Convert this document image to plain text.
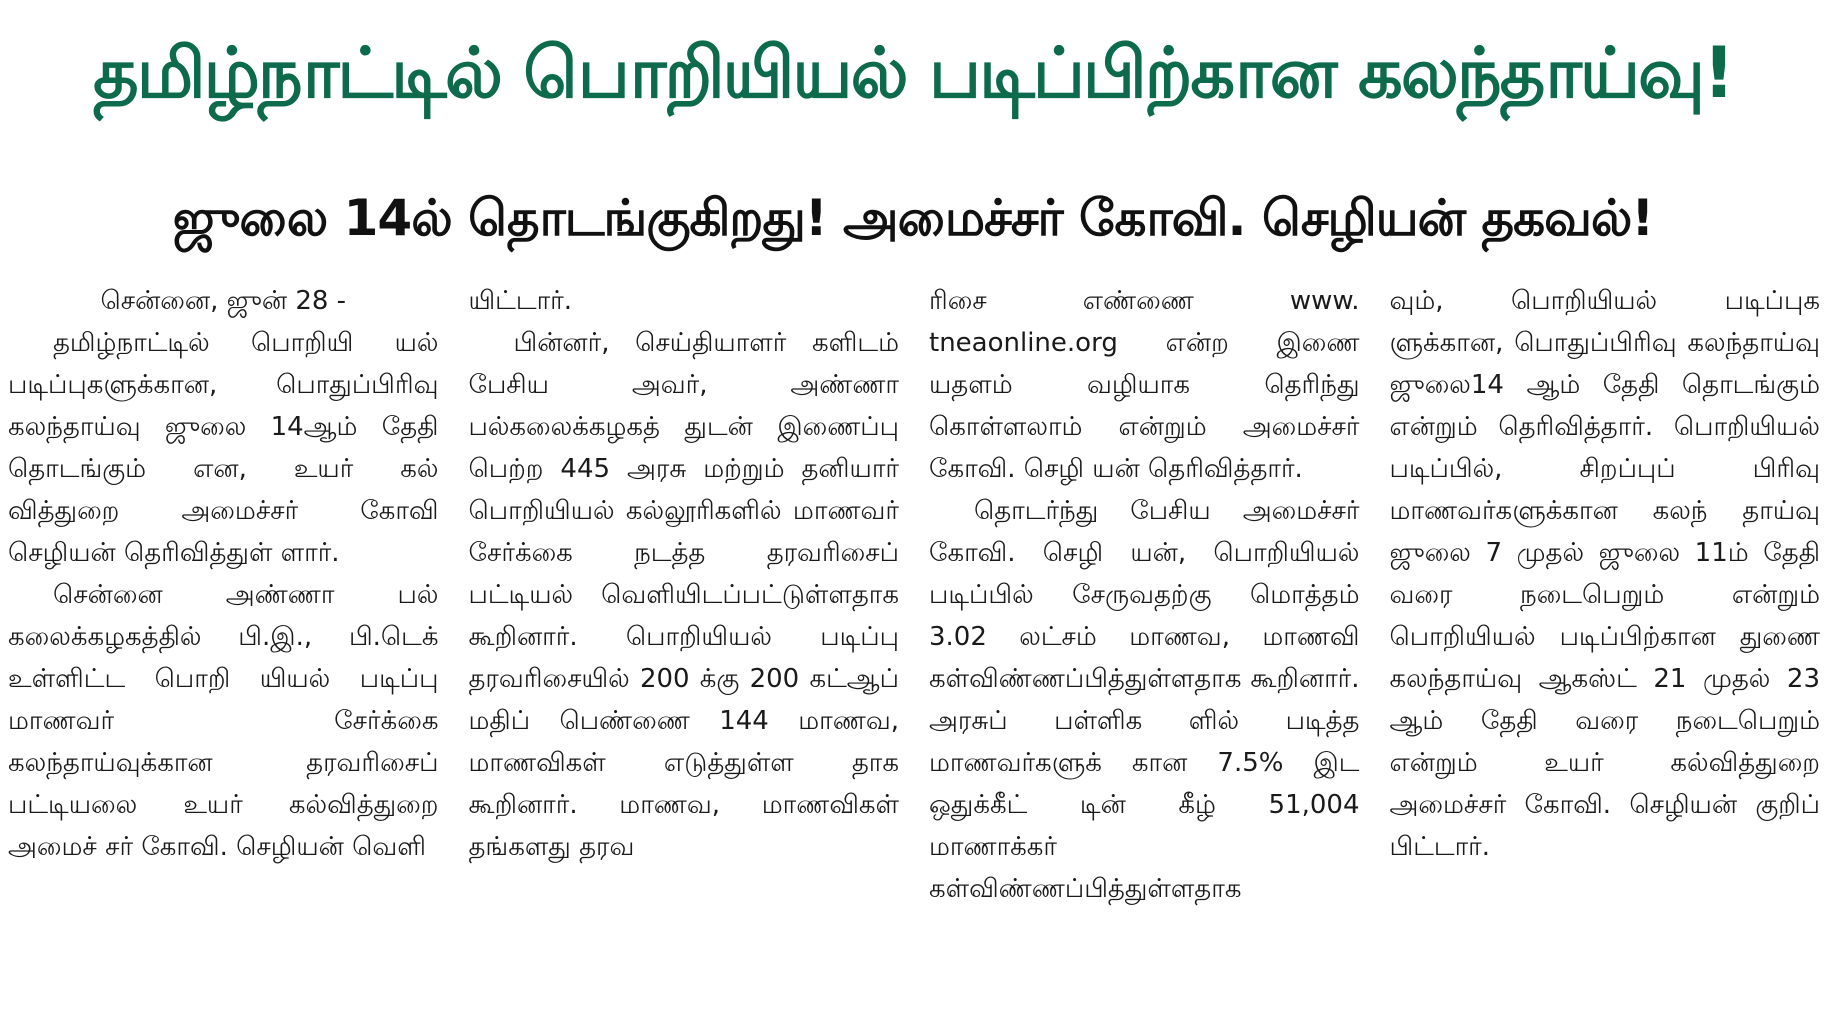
தமிழ்நாட்டில் பொறியியல் படிப்பிற்கான கலந்தாய்வு!
ஜுலை 14ல் தொடங்குகிறது! அமைச்சர் கோவி. செழியன் தகவல்!
சென்னை, ஜுன் 28 -

தமிழ்நாட்டில் பொறியி யல் படிப்புகளுக்கான, பொதுப்பிரிவு கலந்தாய்வு ஜுலை 14ஆம் தேதி தொடங்கும் என, உயர் கல் வித்துறை அமைச்சர் கோவி செழியன் தெரிவித்துள் ளார்.

சென்னை அண்ணா பல் கலைக்கழகத்தில் பி.இ., பி.டெக் உள்ளிட்ட பொறி யியல் படிப்பு மாணவர் சேர்க்கை கலந்தாய்வுக்கான தரவரிசைப் பட்டியலை உயர் கல்வித்துறை அமைச் சர் கோவி. செழியன் வெளி

யிட்டார்.

பின்னர், செய்தியாளர் களிடம் பேசிய அவர், அண்ணா பல்கலைக்கழகத் துடன் இணைப்பு பெற்ற 445 அரசு மற்றும் தனியார் பொறியியல் கல்லூரிகளில் மாணவர் சேர்க்கை நடத்த தரவரிசைப் பட்டியல் வெளியிடப்பட்டுள்ளதாக கூறினார். பொறியியல் படிப்பு தரவரிசையில் 200 க்கு 200 கட்ஆப் மதிப் பெண்ணை 144 மாணவ, மாணவிகள் எடுத்துள்ள தாக கூறினார். மாணவ, மாணவிகள் தங்களது தரவ

ரிசை எண்ணை www. tneaonline.org என்ற இணை யதளம் வழியாக தெரிந்து கொள்ளலாம் என்றும் அமைச்சர் கோவி. செழி யன் தெரிவித்தார்.

தொடர்ந்து பேசிய அமைச்சர் கோவி. செழி யன், பொறியியல் படிப்பில் சேருவதற்கு மொத்தம் 3.02 லட்சம் மாணவ, மாணவி கள்விண்ணப்பித்துள்ளதாக கூறினார். அரசுப் பள்ளிக ளில் படித்த மாணவர்களுக் கான 7.5% இட ஒதுக்கீட் டின் கீழ் 51,004 மாணாக்கர் கள்விண்ணப்பித்துள்ளதாக

வும், பொறியியல் படிப்புக ளுக்கான, பொதுப்பிரிவு கலந்தாய்வு ஜுலை14 ஆம் தேதி தொடங்கும் என்றும் தெரிவித்தார். பொறியியல் படிப்பில், சிறப்புப் பிரிவு மாணவர்களுக்கான கலந் தாய்வு ஜுலை 7 முதல் ஜுலை 11ம் தேதி வரை நடைபெறும் என்றும் பொறியியல் படிப்பிற்கான துணை கலந்தாய்வு ஆகஸ்ட் 21 முதல் 23 ஆம் தேதி வரை நடைபெறும் என்றும் உயர் கல்வித்துறை அமைச்சர் கோவி. செழியன் குறிப் பிட்டார்.
